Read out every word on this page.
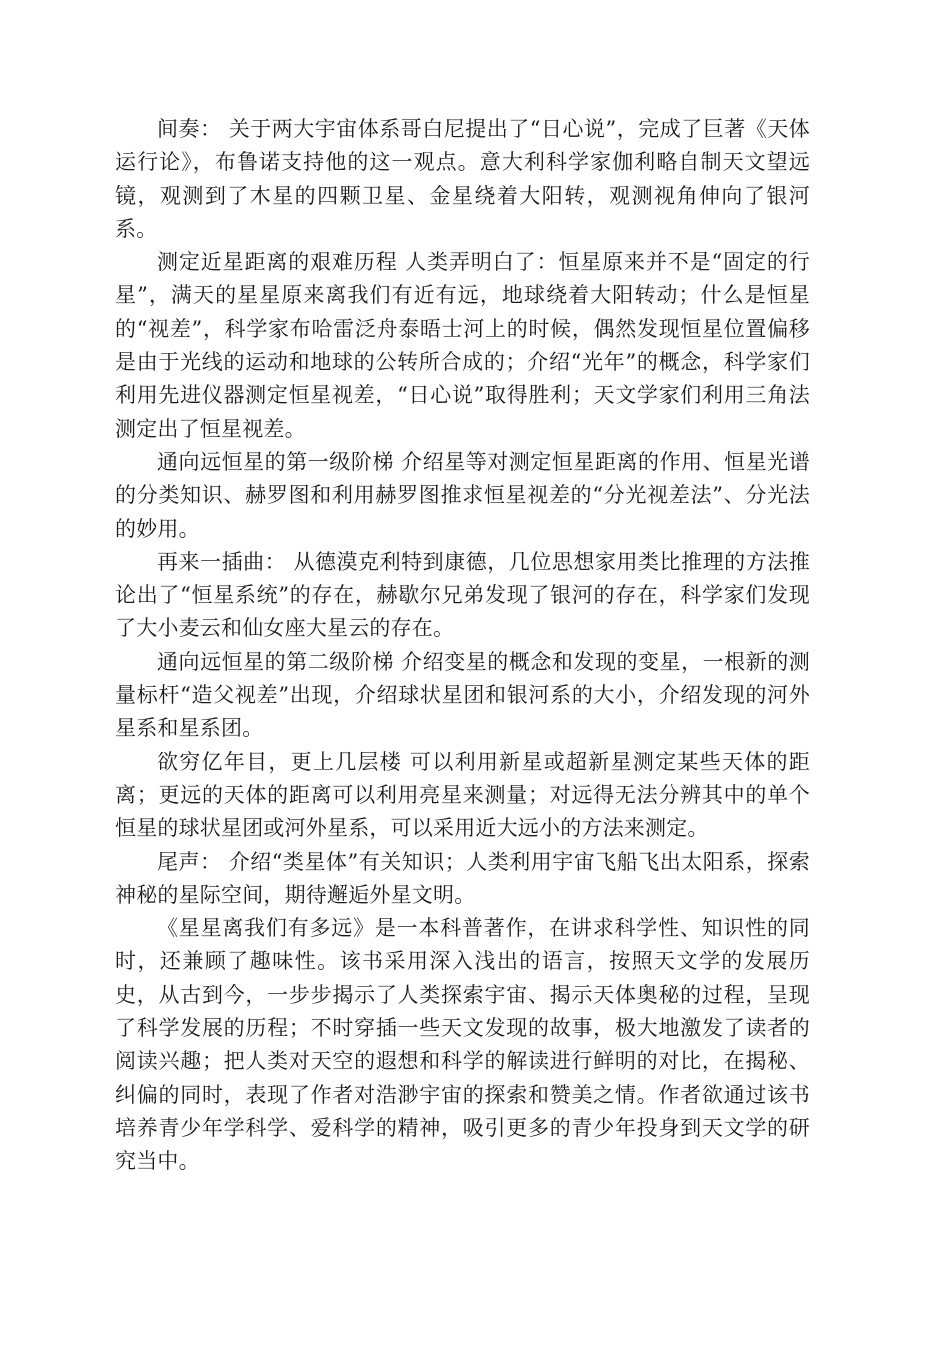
间奏： 关于两大宇宙体系哥白尼提出了“日心说”，完成了巨著《天体运行论》，布鲁诺支持他的这一观点。意大利科学家伽利略自制天文望远镜，观测到了木星的四颗卫星、金星绕着大阳转，观测视角伸向了银河系。

测定近星距离的艰难历程 人类弄明白了：恒星原来并不是“固定的行星”，满天的星星原来离我们有近有远，地球绕着大阳转动；什么是恒星的“视差”，科学家布哈雷泛舟泰晤士河上的时候，偶然发现恒星位置偏移是由于光线的运动和地球的公转所合成的；介绍“光年”的概念，科学家们利用先进仪器测定恒星视差，“日心说”取得胜利；天文学家们利用三角法测定出了恒星视差。

通向远恒星的第一级阶梯 介绍星等对测定恒星距离的作用、恒星光谱的分类知识、赫罗图和利用赫罗图推求恒星视差的“分光视差法”、分光法的妙用。

再来一插曲： 从德漠克利特到康德，几位思想家用类比推理的方法推论出了“恒星系统”的存在，赫歇尔兄弟发现了银河的存在，科学家们发现了大小麦云和仙女座大星云的存在。

通向远恒星的第二级阶梯 介绍变星的概念和发现的变星，一根新的测量标杆“造父视差”出现，介绍球状星团和银河系的大小，介绍发现的河外星系和星系团。

欲穷亿年目，更上几层楼 可以利用新星或超新星测定某些天体的距离；更远的天体的距离可以利用亮星来测量；对远得无法分辨其中的单个恒星的球状星团或河外星系，可以采用近大远小的方法来测定。

尾声： 介绍“类星体”有关知识；人类利用宇宙飞船飞出太阳系，探索神秘的星际空间，期待邂逅外星文明。

《星星离我们有多远》是一本科普著作，在讲求科学性、知识性的同时，还兼顾了趣味性。该书采用深入浅出的语言，按照天文学的发展历史，从古到今，一步步揭示了人类探索宇宙、揭示天体奥秘的过程，呈现了科学发展的历程；不时穿插一些天文发现的故事，极大地激发了读者的阅读兴趣；把人类对天空的遐想和科学的解读进行鲜明的对比，在揭秘、纠偏的同时，表现了作者对浩渺宇宙的探索和赞美之情。作者欲通过该书培养青少年学科学、爱科学的精神，吸引更多的青少年投身到天文学的研究当中。
